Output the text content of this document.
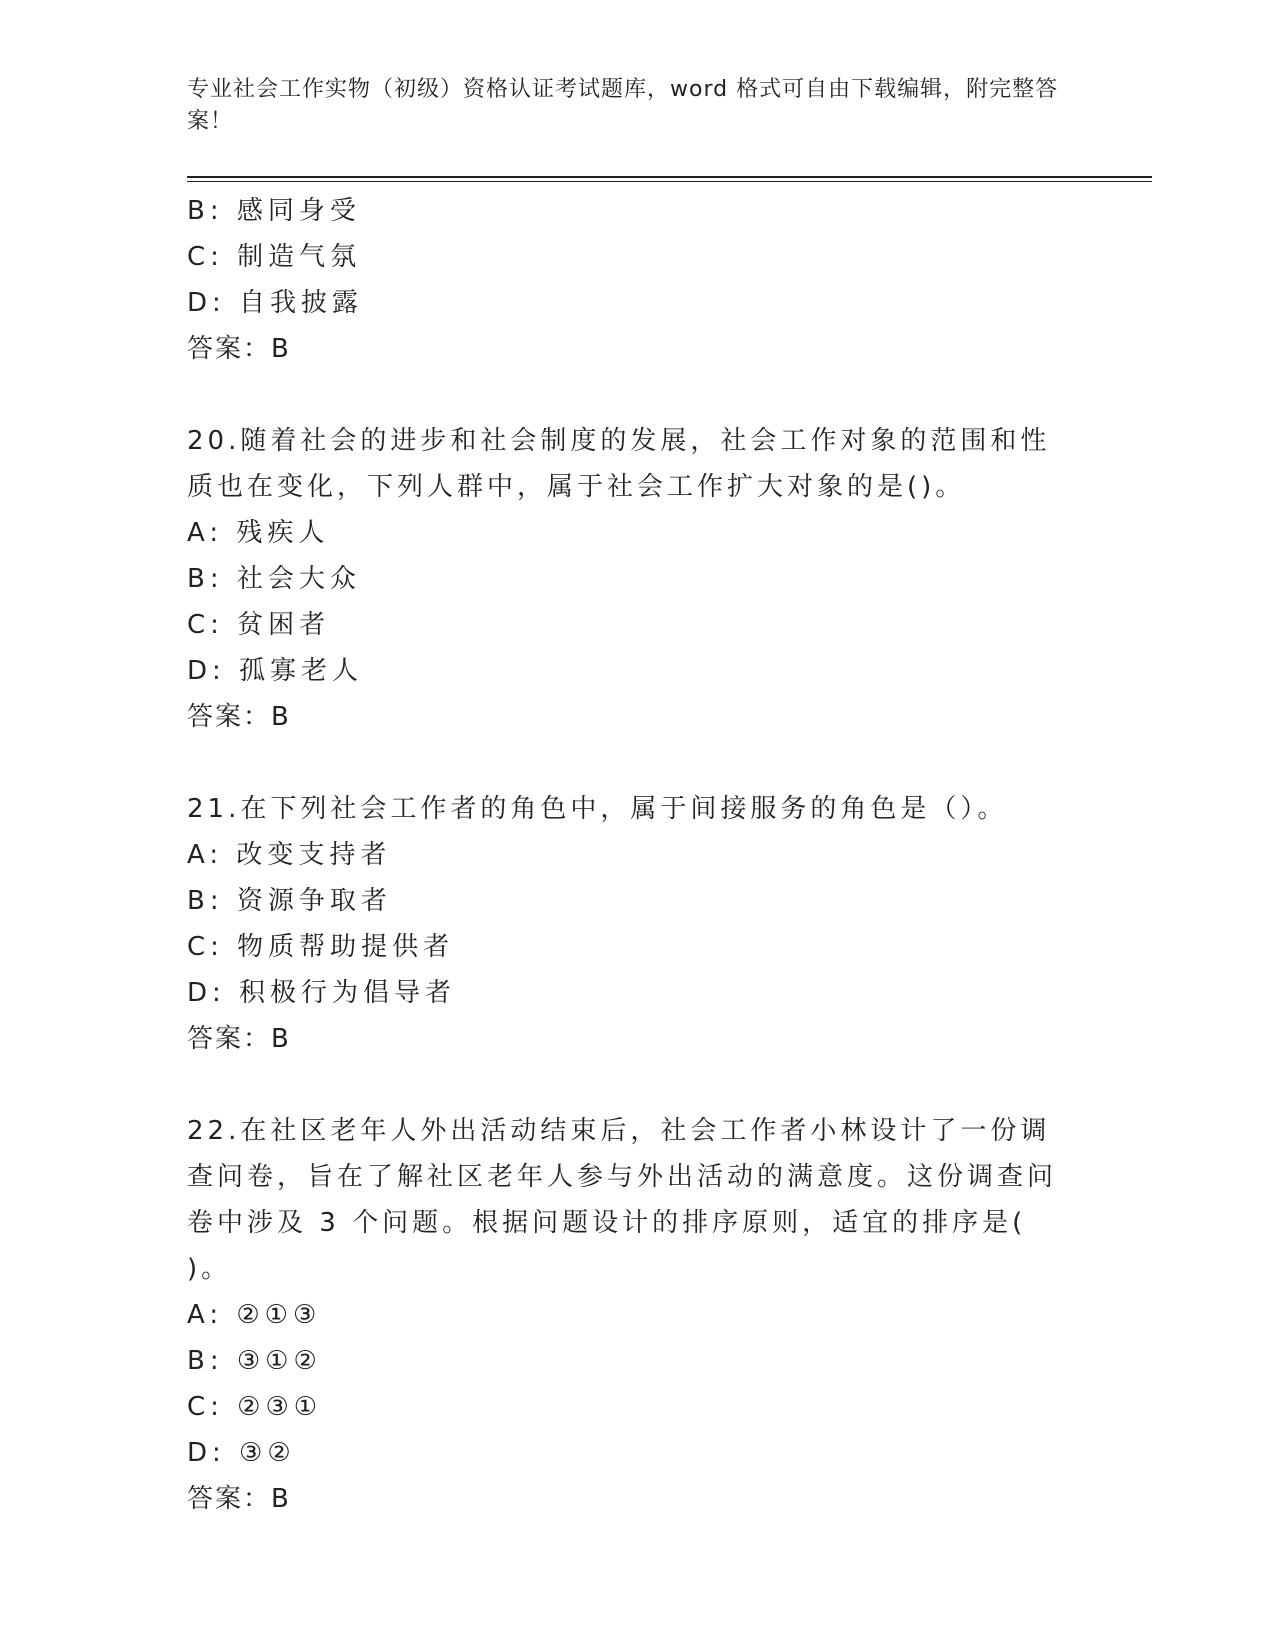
专业社会工作实物（初级）资格认证考试题库，word 格式可自由下载编辑，附完整答案！
B: 感同身受
C: 制造气氛
D: 自我披露
答案：B
20.随着社会的进步和社会制度的发展，社会工作对象的范围和性质也在变化，下列人群中，属于社会工作扩大对象的是()。
A: 残疾人
B: 社会大众
C: 贫困者
D: 孤寡老人
答案：B
21.在下列社会工作者的角色中，属于间接服务的角色是（）。
A: 改变支持者
B: 资源争取者
C: 物质帮助提供者
D: 积极行为倡导者
答案：B
22.在社区老年人外出活动结束后，社会工作者小林设计了一份调查问卷，旨在了解社区老年人参与外出活动的满意度。这份调查问卷中涉及 3 个问题。根据问题设计的排序原则，适宜的排序是( )。
A: ②①③
B: ③①②
C: ②③①
D: ③②
答案：B
